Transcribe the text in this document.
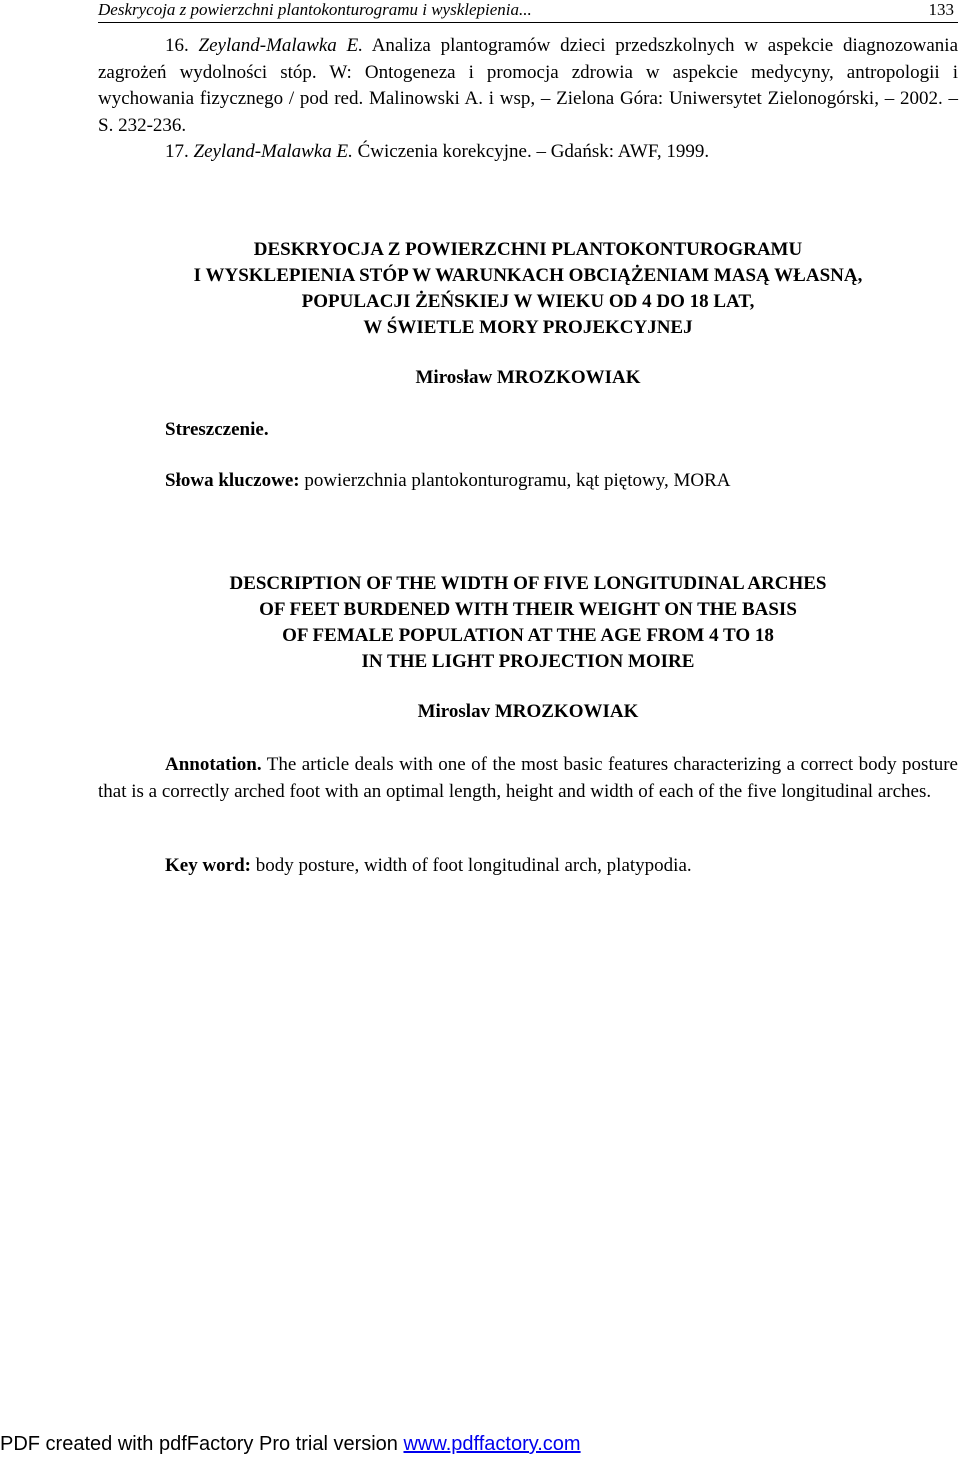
Deskrycoja z powierzchni plantokonturogramu i wysklepienia...	133

16. Zeyland-Malawka E. Analiza plantogramów dzieci przedszkolnych w aspekcie diagnozowania zagrożeń wydolności stóp. W: Ontogeneza i promocja zdrowia w aspekcie medycyny, antropologii i wychowania fizycznego / pod red. Malinowski A. i wsp, – Zielona Góra: Uniwersytet Zielonogórski, – 2002. – S. 232-236.

17. Zeyland-Malawka E. Ćwiczenia korekcyjne. – Gdańsk: AWF, 1999.

DESKRYOCJA Z POWIERZCHNI PLANTOKONTUROGRAMU
I WYSKLEPIENIA STÓP W WARUNKACH OBCIĄŻENIAM MASĄ WŁASNĄ,
POPULACJI ŻEŃSKIEJ W WIEKU OD 4 DO 18 LAT,
W ŚWIETLE MORY PROJEKCYJNEJ
Mirosław MROZKOWIAK
Streszczenie.
Słowa kluczowe: powierzchnia plantokonturogramu, kąt piętowy, MORA
DESCRIPTION OF THE WIDTH OF FIVE LONGITUDINAL ARCHES
OF FEET BURDENED WITH THEIR WEIGHT ON THE BASIS
OF FEMALE POPULATION AT THE AGE FROM 4 TO 18
IN THE LIGHT PROJECTION MOIRE
Miroslav MROZKOWIAK
Annotation. The article deals with one of the most basic features characterizing a correct body posture that is a correctly arched foot with an optimal length, height and width of each of the five longitudinal arches.
Key word: body posture, width of foot longitudinal arch, platypodia.
PDF created with pdfFactory Pro trial version www.pdffactory.com
